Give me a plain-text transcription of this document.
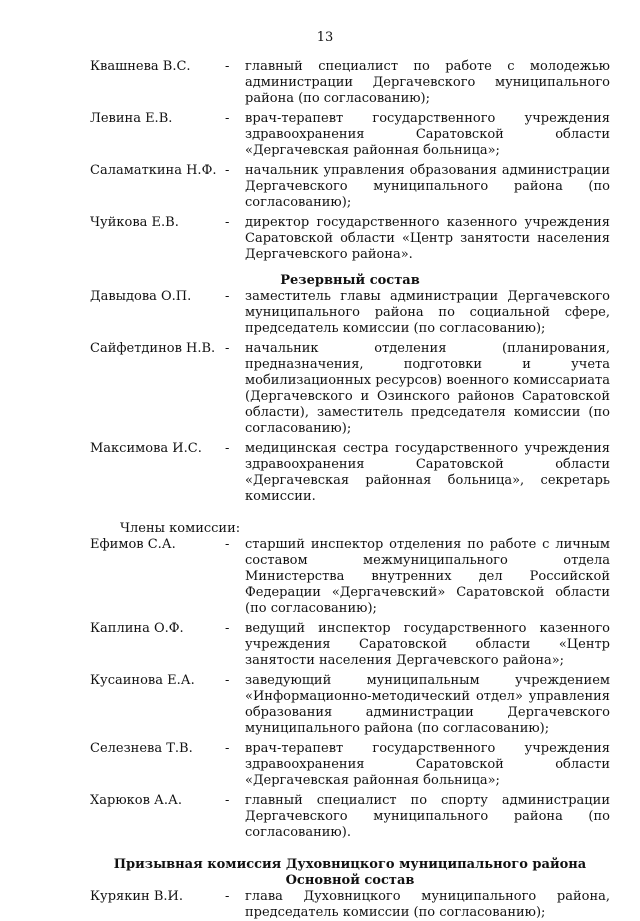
13
Квашнева В.С.	-	главный специалист по работе с молодежью администрации Дергачевского муниципального района (по согласованию);
Левина Е.В.	-	врач-терапевт государственного учреждения здравоохранения Саратовской области «Дергачевская районная больница»;
Саламаткина Н.Ф. -	начальник управления образования администрации Дергачевского муниципального района (по согласованию);
Чуйкова Е.В.	-	директор государственного казенного учреждения Саратовской области «Центр занятости населения Дергачевского района».
Резервный состав
Давыдова О.П.	-	заместитель главы администрации Дергачевского муниципального района по социальной сфере, председатель комиссии (по согласованию);
Сайфетдинов Н.В. -	начальник отделения (планирования, предназначения, подготовки и учета мобилизационных ресурсов) военного комиссариата (Дергачевского и Озинского районов Саратовской области), заместитель председателя комиссии (по согласованию);
Максимова И.С.	-	медицинская сестра государственного учреждения здравоохранения Саратовской области «Дергачевская районная больница», секретарь комиссии.
Члены комиссии:
Ефимов С.А.	-	старший инспектор отделения по работе с личным составом межмуниципального отдела Министерства внутренних дел Российской Федерации «Дергачевский» Саратовской области (по согласованию);
Каплина О.Ф.	-	ведущий инспектор государственного казенного учреждения Саратовской области «Центр занятости населения Дергачевского района»;
Кусаинова Е.А.	-	заведующий муниципальным учреждением «Информационно-методический отдел» управления образования администрации Дергачевского муниципального района (по согласованию);
Селезнева Т.В.	-	врач-терапевт государственного учреждения здравоохранения Саратовской области «Дергачевская районная больница»;
Харюков А.А.	-	главный специалист по спорту администрации Дергачевского муниципального района (по согласованию).
Призывная комиссия Духовницкого муниципального района
Основной состав
Курякин В.И.	-	глава Духовницкого муниципального района, председатель комиссии (по согласованию);
